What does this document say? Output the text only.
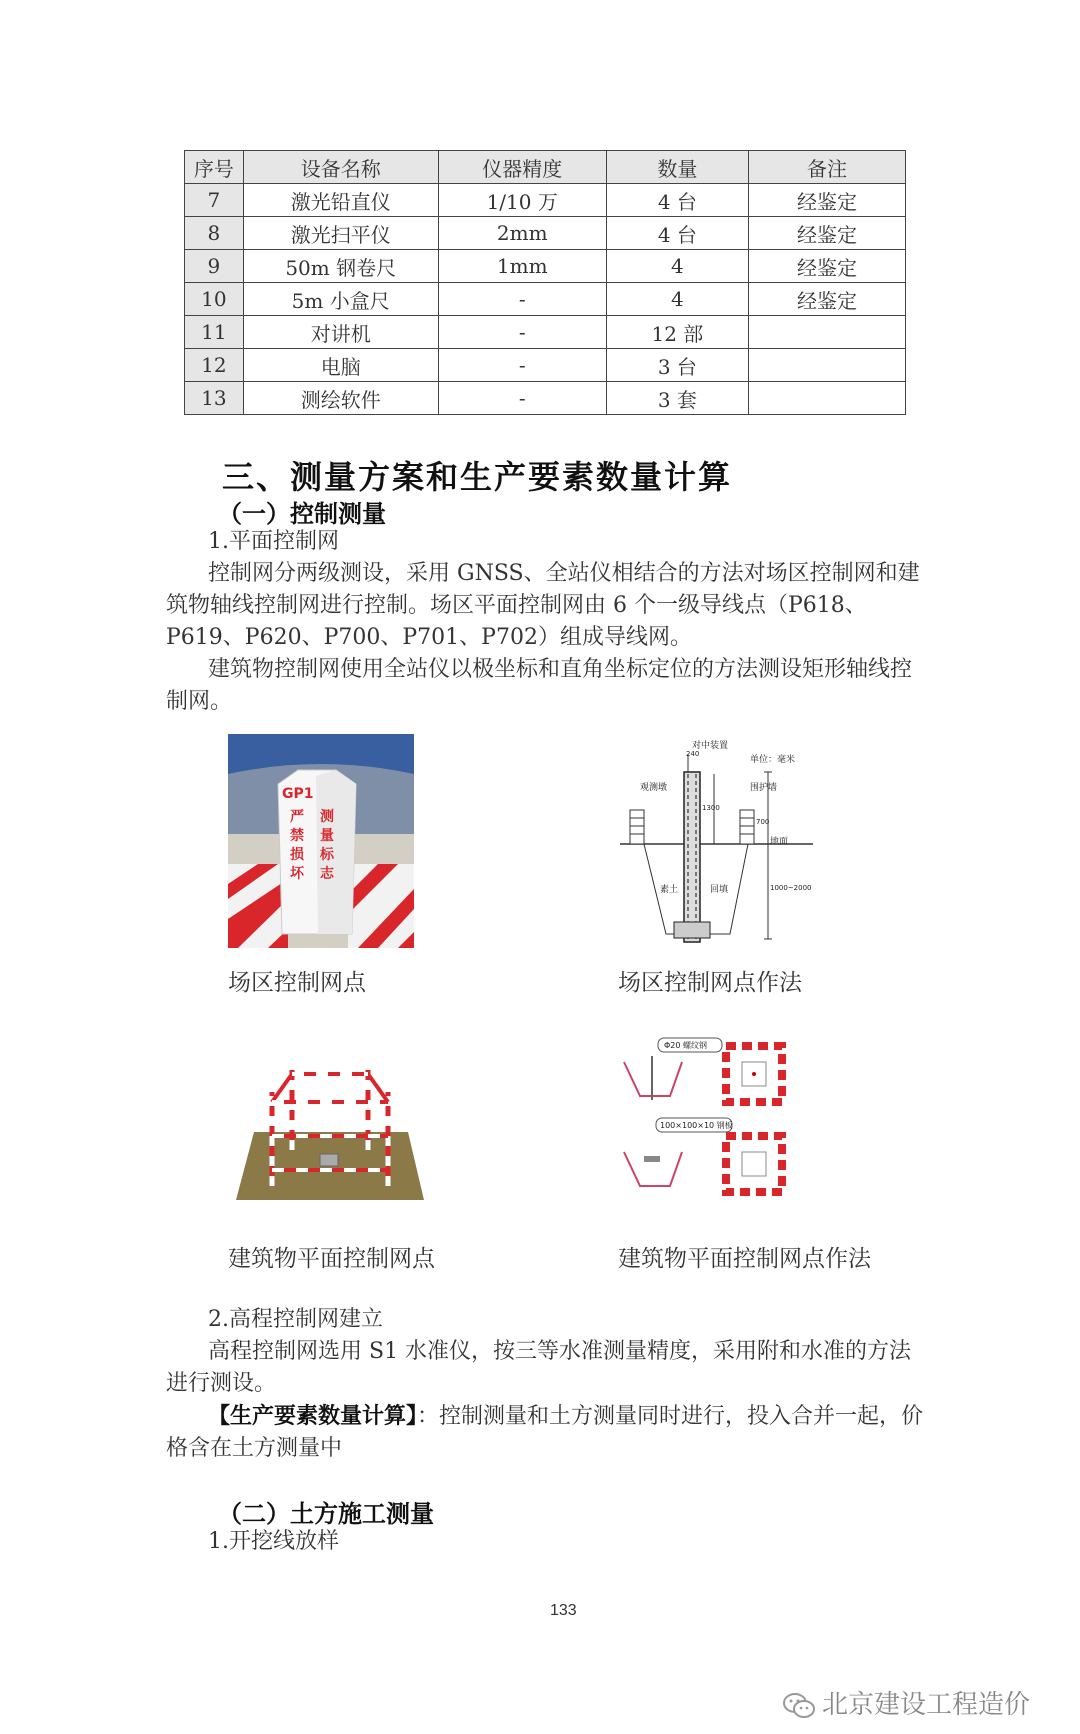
序号	设备名称	仪器精度	数量	备注
7	激光铅直仪	1/10 万	4 台	经鉴定
8	激光扫平仪	2mm	4 台	经鉴定
9	50m 钢卷尺	1mm	4	经鉴定
10	5m 小盒尺	-	4	经鉴定
11	对讲机	-	12 部	
12	电脑	-	3 台	
13	测绘软件	-	3 套	
三、测量方案和生产要素数量计算
（一）控制测量
1.平面控制网
控制网分两级测设，采用 GNSS、全站仪相结合的方法对场区控制网和建筑物轴线控制网进行控制。场区平面控制网由 6 个一级导线点（P618、P619、P620、P700、P701、P702）组成导线网。
建筑物控制网使用全站仪以极坐标和直角坐标定位的方法测设矩形轴线控制网。
GP1
严禁损坏
测量标志
场区控制网点
对中装置
单位：毫米
观测墩	围护墙
地面
素土	回填
240
1300
700
1000~2000
场区控制网点作法
建筑物平面控制网点
Φ20 螺纹钢
100×100×10 钢板
建筑物平面控制网点作法
2.高程控制网建立
高程控制网选用 S1 水准仪，按三等水准测量精度，采用附和水准的方法进行测设。
【生产要素数量计算】：控制测量和土方测量同时进行，投入合并一起，价格含在土方测量中
（二）土方施工测量
1.开挖线放样
133
北京建设工程造价
